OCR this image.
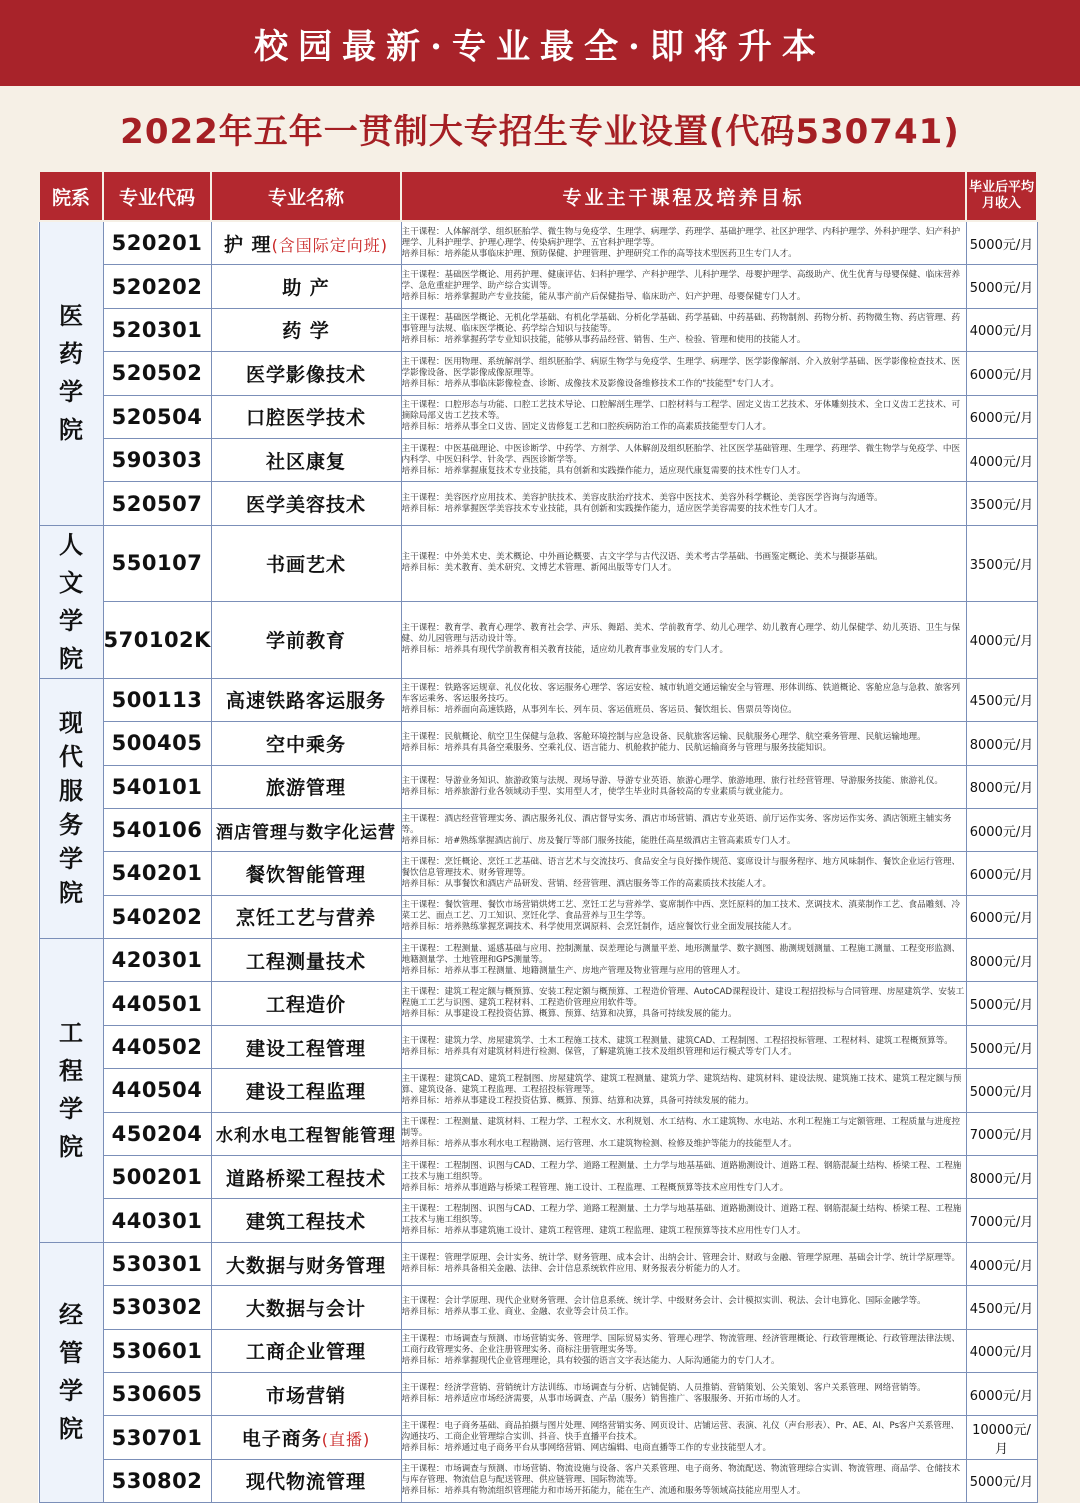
校园最新·专业最全·即将升本
2022年五年一贯制大专招生专业设置(代码530741)
院系	专业代码	专业名称	专业主干课程及培养目标	毕业后平均月收入
医药学院	520201	护 理(含国际定向班)	主干课程：人体解剖学、组织胚胎学、微生物与免疫学、生理学、病理学、药理学、基础护理学、社区护理学、内科护理学、外科护理学、妇产科护理学、儿科护理学、护理心理学、传染病护理学、五官科护理学等。
培养目标：培养能从事临床护理、预防保健、护理管理、护理研究工作的高等技术型医药卫生专门人才。	5000元/月
	520202	助 产	主干课程：基础医学概论、用药护理、健康评估、妇科护理学、产科护理学、儿科护理学、母婴护理学、高级助产、优生优育与母婴保健、临床营养学、急危重症护理学、助产综合实训等。
培养目标：培养掌握助产专业技能，能从事产前产后保健指导、临床助产、妇产护理、母婴保健专门人才。	5000元/月
	520301	药 学	主干课程：基础医学概论、无机化学基础、有机化学基础、分析化学基础、药学基础、中药基础、药物制剂、药物分析、药物微生物、药店管理、药事管理与法规、临床医学概论、药学综合知识与技能等。
培养目标：培养掌握药学专业知识技能，能够从事药品经营、销售、生产、检验、管理和使用的技能人才。	4000元/月
	520502	医学影像技术	主干课程：医用物理、系统解剖学、组织胚胎学、病原生物学与免疫学、生理学、病理学、医学影像解剖、介入放射学基础、医学影像检查技术、医学影像设备、医学影像成像原理等。
培养目标：培养从事临床影像检查、诊断、成像技术及影像设备维修技术工作的"技能型"专门人才。	6000元/月
	520504	口腔医学技术	主干课程：口腔形态与功能、口腔工艺技术导论、口腔解剖生理学、口腔材料与工程学、固定义齿工艺技术、牙体雕刻技术、全口义齿工艺技术、可摘除局部义齿工艺技术等。
培养目标：培养从事全口义齿、固定义齿修复工艺和口腔疾病防治工作的高素质技能型专门人才。	6000元/月
	590303	社区康复	主干课程：中医基础理论、中医诊断学、中药学、方剂学、人体解剖及组织胚胎学、社区医学基础管理、生理学、药理学、微生物学与免疫学、中医内科学、中医妇科学、针灸学、西医诊断学等。
培养目标：培养掌握康复技术专业技能，具有创新和实践操作能力，适应现代康复需要的技术性专门人才。	4000元/月
	520507	医学美容技术	主干课程：美容医疗应用技术、美容护肤技术、美容皮肤治疗技术、美容中医技术、美容外科学概论、美容医学咨询与沟通等。
培养目标：培养掌握医学美容技术专业技能，具有创新和实践操作能力，适应医学美容需要的技术性专门人才。	3500元/月
人文学院	550107	书画艺术	主干课程：中外美术史、美术概论、中外画论概要、古文字学与古代汉语、美术考古学基础、书画鉴定概论、美术与摄影基础。
培养目标：美术教育、美术研究、文博艺术管理、新闻出版等专门人才。	3500元/月
	570102K	学前教育	主干课程：教育学、教育心理学、教育社会学、声乐、舞蹈、美术、学前教育学、幼儿心理学、幼儿教育心理学、幼儿保健学、幼儿英语、卫生与保健、幼儿园管理与活动设计等。
培养目标：培养具有现代学前教育相关教育技能，适应幼儿教育事业发展的专门人才。	4000元/月
现代服务学院	500113	高速铁路客运服务	主干课程：铁路客运规章、礼仪化妆、客运服务心理学、客运安检、城市轨道交通运输安全与管理、形体训练、铁道概论、客舱应急与急救、旅客列车客运乘务、客运服务技巧。
培养目标：培养面向高速铁路，从事列车长、列车员、客运值班员、客运员、餐饮组长、售票员等岗位。	4500元/月
	500405	空中乘务	主干课程：民航概论、航空卫生保健与急救、客舱环境控制与应急设备、民航旅客运输、民航服务心理学、航空乘务管理、民航运输地理。
培养目标：培养具有具备空乘服务、空乘礼仪、语言能力、机舱救护能力、民航运输商务与管理与服务技能知识。	8000元/月
	540101	旅游管理	主干课程：导游业务知识、旅游政策与法规、现场导游、导游专业英语、旅游心理学、旅游地理、旅行社经营管理、导游服务技能、旅游礼仪。
培养目标：培养旅游行业各领域动手型、实用型人才，使学生毕业时具备较高的专业素质与就业能力。	8000元/月
	540106	酒店管理与数字化运营	主干课程：酒店经营管理实务、酒店服务礼仪、酒店督导实务、酒店市场营销、酒店专业英语、前厅运作实务、客房运作实务、酒店领班主辅实务等。
培养目标：培#熟练掌握酒店前厅、房及餐厅等部门服务技能，能胜任高星级酒店主管高素质专门人才。	6000元/月
	540201	餐饮智能管理	主干课程：烹饪概论、烹饪工艺基础、语言艺术与交流技巧、食品安全与良好操作规范、宴席设计与服务程序、地方风味制作、餐饮企业运行管理、餐饮信息管理技术、财务管理等。
培养目标：从事餐饮和酒店产品研发、营销、经营管理、酒店服务等工作的高素质技术技能人才。	6000元/月
	540202	烹饪工艺与营养	主干课程：餐饮管理、餐饮市场营销烘烤工艺、烹饪工艺与营养学、宴席制作中西、烹饪原料的加工技术、烹调技术、滇菜制作工艺、食品雕刻、冷菜工艺、面点工艺、刀工知识、烹饪化学、食品营养与卫生学等。
培养目标：培养熟练掌握烹调技术、科学使用烹调原料、会烹饪制作，适应餐饮行业全面发展技能人才。	6000元/月
工程学院	420301	工程测量技术	主干课程：工程测量、遥感基础与应用、控制测量、误差理论与测量平差、地形测量学、数字测图、勘测规划测量、工程施工测量、工程变形监测、地籍测量学、土地管理和GPS测量等。
培养目标：培养从事工程测量、地籍测量生产、房地产管理及物业管理与应用的管理人才。	8000元/月
	440501	工程造价	主干课程：建筑工程定额与概预算、安装工程定额与概预算、工程造价管理、AutoCAD课程设计、建设工程招投标与合同管理、房屋建筑学、安装工程施工工艺与识图、建筑工程材料、工程造价管理应用软件等。
培养目标：从事建设工程投资估算、概算、预算、结算和决算，具备可持续发展的能力。	5000元/月
	440502	建设工程管理	主干课程：建筑力学、房屋建筑学、土木工程施工技术、建筑工程测量、建筑CAD、工程制图、工程招投标管理、工程材料、建筑工程概预算等。
培养目标：培养具有对建筑材料进行检测、保管，了解建筑施工技术及组织管理和运行模式等专门人才。	5000元/月
	440504	建设工程监理	主干课程：建筑CAD、建筑工程制图、房屋建筑学、建筑工程测量、建筑力学、建筑结构、建筑材料、建设法规、建筑施工技术、建筑工程定额与预算、建筑设备、建筑工程监理、工程招投标管理等。
培养目标：培养从事建设工程投资估算、概算、预算、结算和决算，具备可持续发展的能力。	5000元/月
	450204	水利水电工程智能管理	主干课程：工程测量、建筑材料、工程力学、工程水文、水利规划、水工结构、水工建筑物、水电站、水利工程施工与定额管理、工程质量与进度控制等。
培养目标：培养从事水利水电工程勘测、运行管理、水工建筑物检测、检修及维护等能力的技能型人才。	7000元/月
	500201	道路桥梁工程技术	主干课程：工程制图、识图与CAD、工程力学、道路工程测量、土力学与地基基础、道路勘测设计、道路工程、钢筋混凝土结构、桥梁工程、工程施工技术与施工组织等。
培养目标：培养从事道路与桥梁工程管理、施工设计、工程监理、工程概预算等技术应用性专门人才。	8000元/月
	440301	建筑工程技术	主干课程：工程制图、识图与CAD、工程力学、道路工程测量、土力学与地基基础、道路勘测设计、道路工程、钢筋混凝土结构、桥梁工程、工程施工技术与施工组织等。
培养目标：培养从事建筑施工设计、建筑工程管理、建筑工程监理、建筑工程预算等技术应用性专门人才。	7000元/月
经管学院	530301	大数据与财务管理	主干课程：管理学原理、会计实务、统计学、财务管理、成本会计、出纳会计、管理会计、财政与金融、管理学原理、基础会计学、统计学原理等。
培养目标：培养具备相关金融、法律、会计信息系统软件应用、财务报表分析能力的人才。	4000元/月
	530302	大数据与会计	主干课程：会计学原理、现代企业财务管理、会计信息系统、统计学、中级财务会计、会计模拟实训、税法、会计电算化、国际金融学等。
培养目标：培养从事工业、商业、金融、农业等会计员工作。	4500元/月
	530601	工商企业管理	主干课程：市场调查与预测、市场营销实务、管理学、国际贸易实务、管理心理学、物流管理、经济管理概论、行政管理概论、行政管理法律法规、工商行政管理实务、企业注册管理实务、商标注册管理实务等。
培养目标：培养掌握现代企业管理理论，具有较强的语言文字表达能力、人际沟通能力的专门人才。	4000元/月
	530605	市场营销	主干课程：经济学营销、营销统计方法训练、市场调查与分析、店铺促销、人员推销、营销策划、公关策划、客户关系管理、网络营销等。
培养目标：培养适应市场经济需要，从事市场调查、产品（服务）销售推广、客服服务、开拓市场的人才。	6000元/月
	530701	电子商务(直播)	主干课程：电子商务基础、商品拍摄与图片处理、网络营销实务、网页设计、店铺运营、表演、礼仪（声台形表）、Pr、AE、AI、Ps客户关系管理、沟通技巧、工商企业管理综合实训、抖音、快手直播平台技术。
培养目标：培养通过电子商务平台从事网络营销、网店编辑、电商直播等工作的专业技能型人才。	10000元/月
	530802	现代物流管理	主干课程：市场调查与预测、市场营销、物流设施与设备、客户关系管理、电子商务、物流配送、物流管理综合实训、物流管理、商品学、仓储技术与库存管理、物流信息与配送管理、供应链管理、国际物流等。
培养目标：培养具有物流组织管理能力和市场开拓能力，能在生产、流通和服务等领域高技能应用型人才。	5000元/月
